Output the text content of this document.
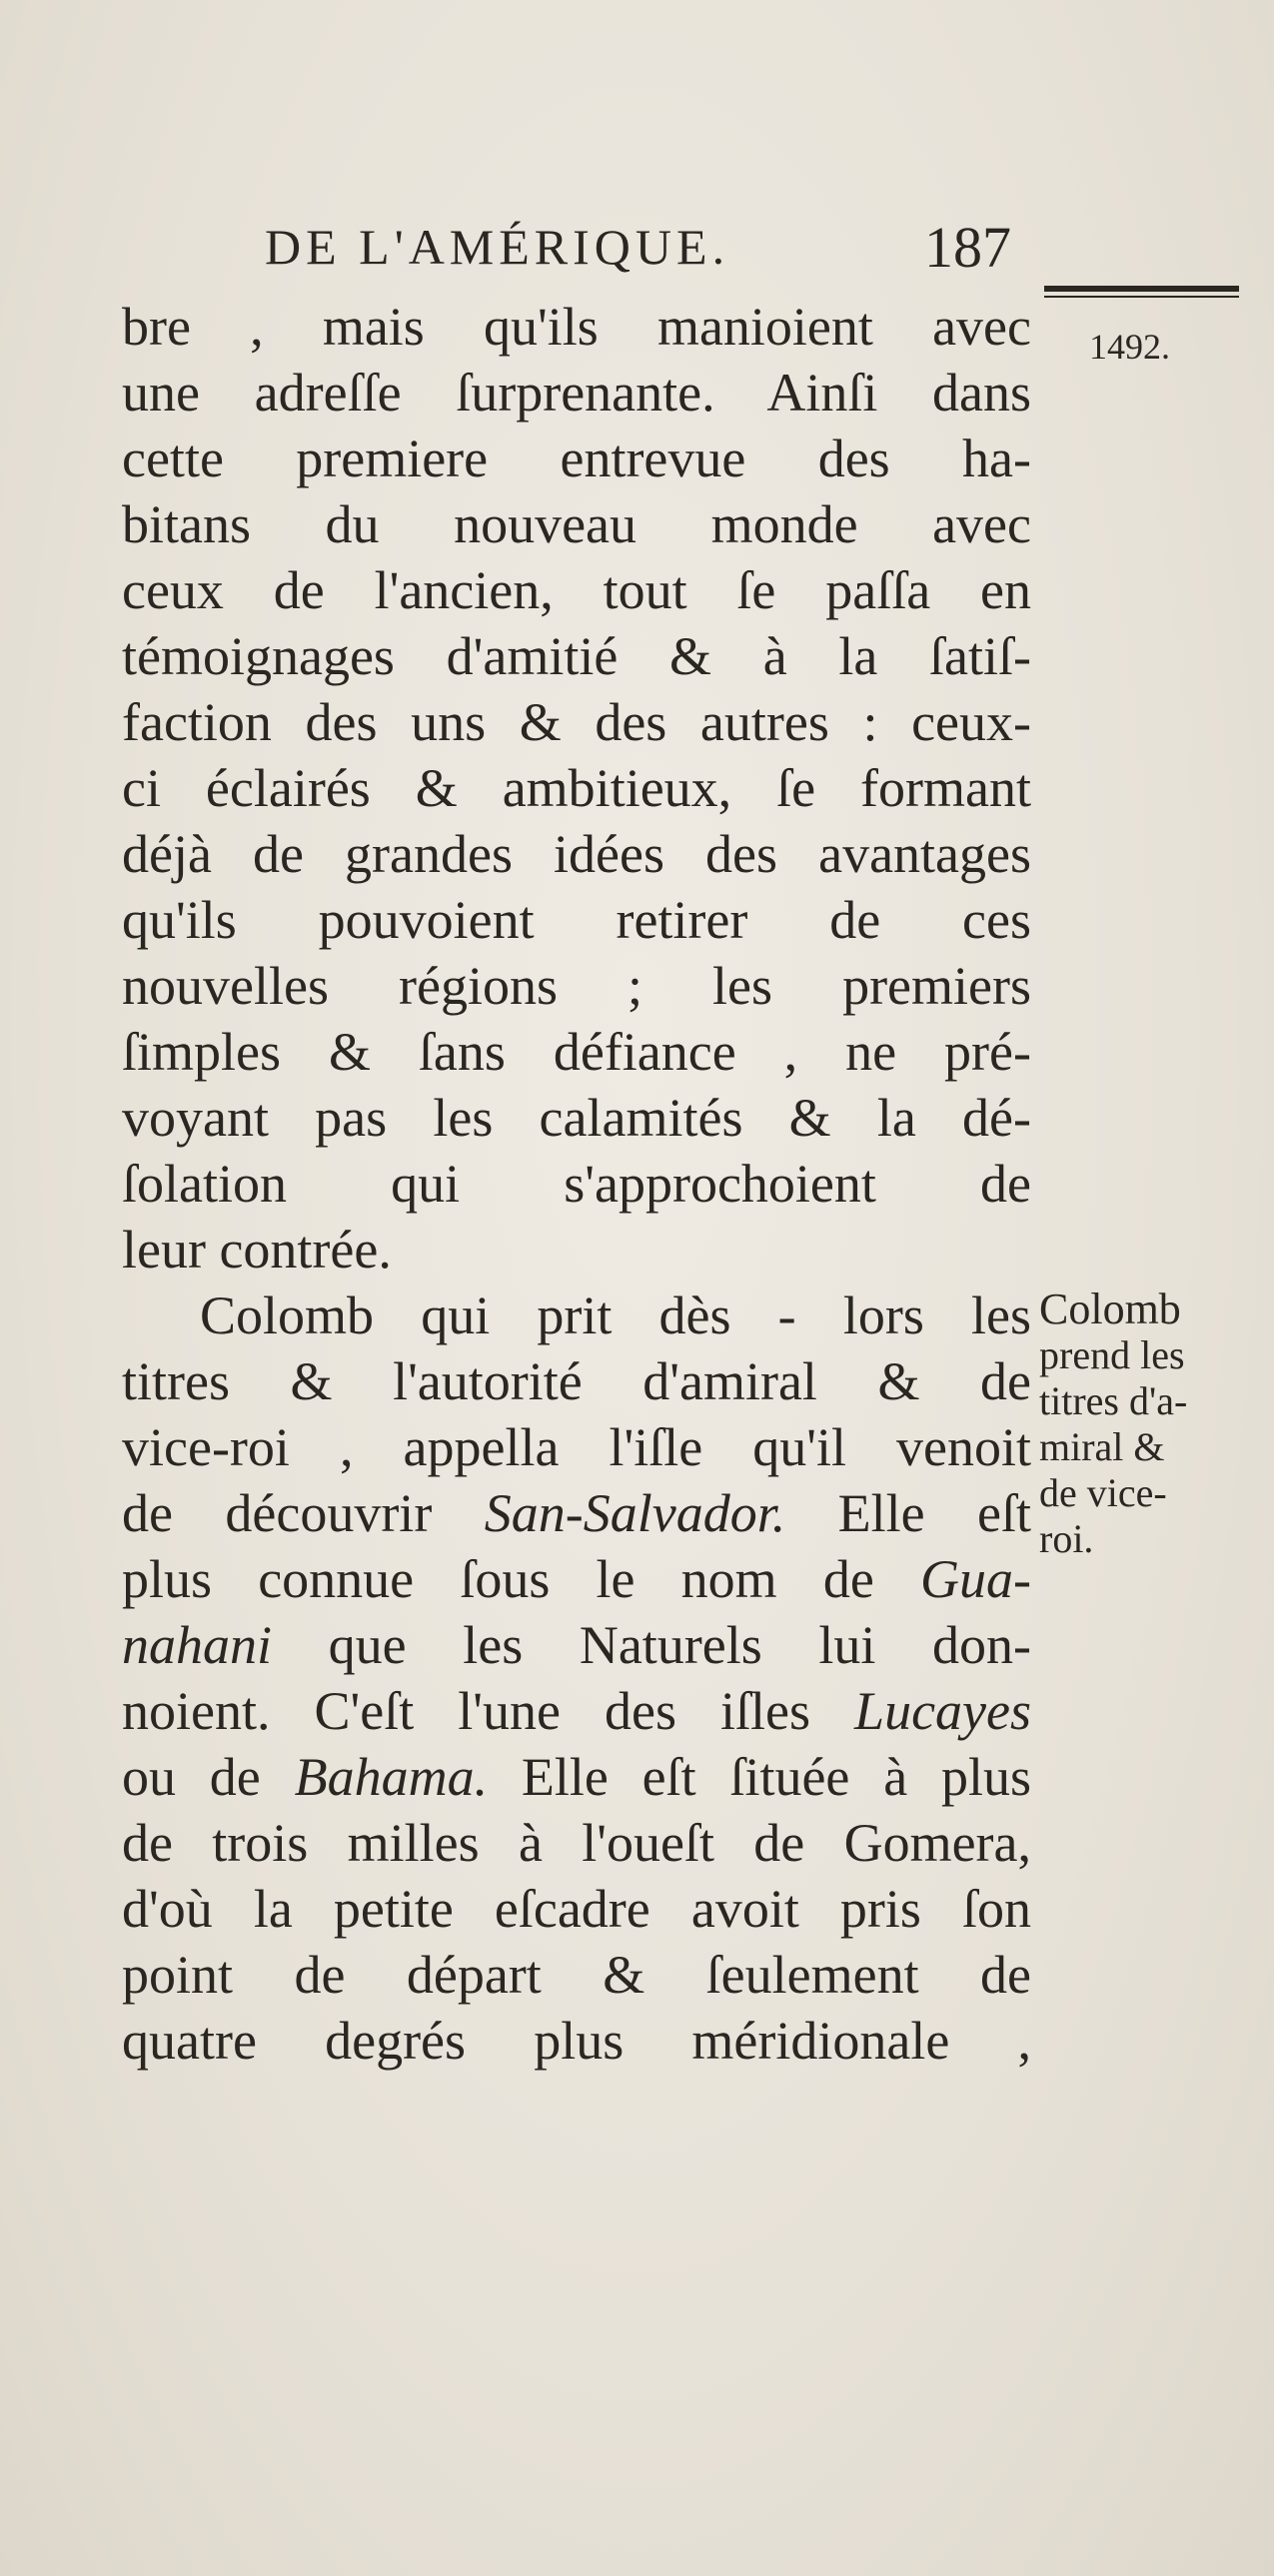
DE L'AMÉRIQUE.	187
1492.
bre , mais qu'ils manioient avec
une adreſſe ſurprenante. Ainſi dans
cette premiere entrevue des ha-
bitans du nouveau monde avec
ceux de l'ancien, tout ſe paſſa en
témoignages d'amitié & à la ſatiſ-
faction des uns & des autres : ceux-
ci éclairés & ambitieux, ſe formant
déjà de grandes idées des avantages
qu'ils pouvoient retirer de ces
nouvelles régions ; les premiers
ſimples & ſans défiance , ne pré-
voyant pas les calamités & la dé-
ſolation qui s'approchoient de
leur contrée.
Colomb qui prit dès - lors les
titres & l'autorité d'amiral & de
vice-roi , appella l'iſle qu'il venoit
de découvrir San-Salvador. Elle eſt
plus connue ſous le nom de Gua-
nahani que les Naturels lui don-
noient. C'eſt l'une des iſles Lucayes
ou de Bahama. Elle eſt ſituée à plus
de trois milles à l'oueſt de Gomera,
d'où la petite eſcadre avoit pris ſon
point de départ & ſeulement de
quatre degrés plus méridionale ,
Colomb
prend les
titres d'a-
miral &
de vice-
roi.
